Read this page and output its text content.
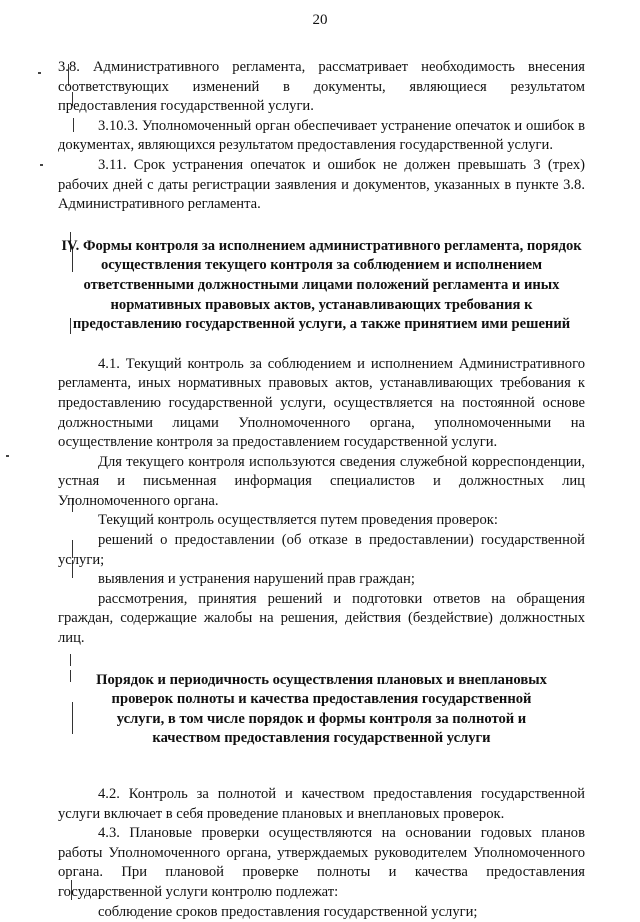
20

3.8. Административного регламента, рассматривает необходимость внесения соответствующих изменений в документы, являющиеся результатом предоставления государственной услуги.

3.10.3. Уполномоченный орган обеспечивает устранение опечаток и ошибок в документах, являющихся результатом предоставления государственной услуги.

3.11. Срок устранения опечаток и ошибок не должен превышать 3 (трех) рабочих дней с даты регистрации заявления и документов, указанных в пункте 3.8. Административного регламента.

IV. Формы контроля за исполнением административного регламента, порядок осуществления текущего контроля за соблюдением и исполнением ответственными должностными лицами положений регламента и иных нормативных правовых актов, устанавливающих требования к предоставлению государственной услуги, а также принятием ими решений

4.1. Текущий контроль за соблюдением и исполнением Административного регламента, иных нормативных правовых актов, устанавливающих требования к предоставлению государственной услуги, осуществляется на постоянной основе должностными лицами Уполномоченного органа, уполномоченными на осуществление контроля за предоставлением государственной услуги.

Для текущего контроля используются сведения служебной корреспонденции, устная и письменная информация специалистов и должностных лиц Уполномоченного органа.

Текущий контроль осуществляется путем проведения проверок:

решений о предоставлении (об отказе в предоставлении) государственной услуги;

выявления и устранения нарушений прав граждан;

рассмотрения, принятия решений и подготовки ответов на обращения граждан, содержащие жалобы на решения, действия (бездействие) должностных лиц.

Порядок и периодичность осуществления плановых и внеплановых проверок полноты и качества предоставления государственной услуги, в том числе порядок и формы контроля за полнотой и качеством предоставления государственной услуги

4.2. Контроль за полнотой и качеством предоставления государственной услуги включает в себя проведение плановых и внеплановых проверок.

4.3. Плановые проверки осуществляются на основании годовых планов работы Уполномоченного органа, утверждаемых руководителем Уполномоченного органа. При плановой проверке полноты и качества предоставления государственной услуги контролю подлежат:

соблюдение сроков предоставления государственной услуги;
